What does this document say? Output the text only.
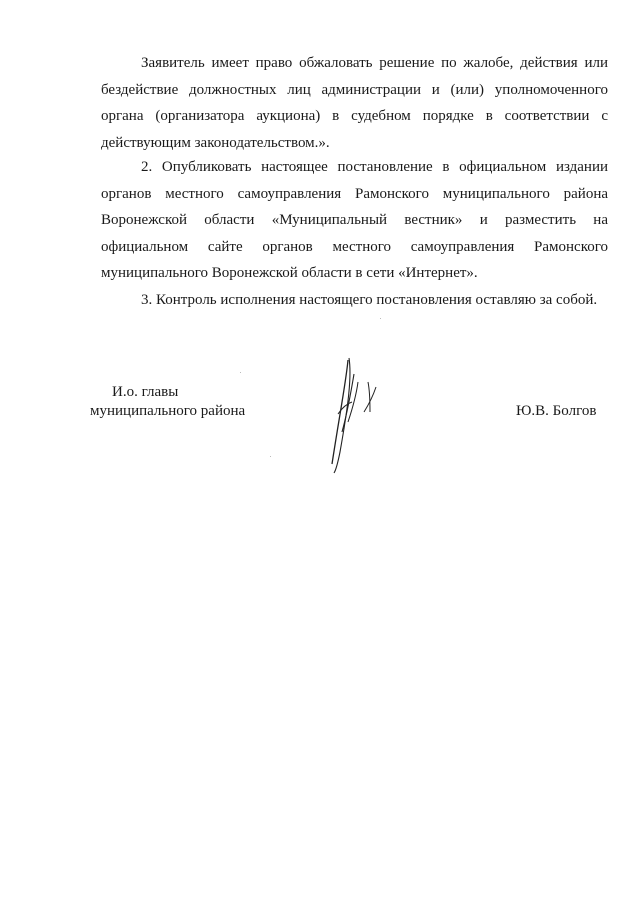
Заявитель имеет право обжаловать решение по жалобе, действия или бездействие должностных лиц администрации и (или) уполномоченного органа (организатора аукциона) в судебном порядке в соответствии с действующим законодательством.».

2. Опубликовать настоящее постановление в официальном издании органов местного самоуправления Рамонского муниципального района Воронежской области «Муниципальный вестник» и разместить на официальном сайте органов местного самоуправления Рамонского муниципального Воронежской области в сети «Интернет».

3. Контроль исполнения настоящего постановления оставляю за собой.

И.о. главы
муниципального района	Ю.В. Болгов
